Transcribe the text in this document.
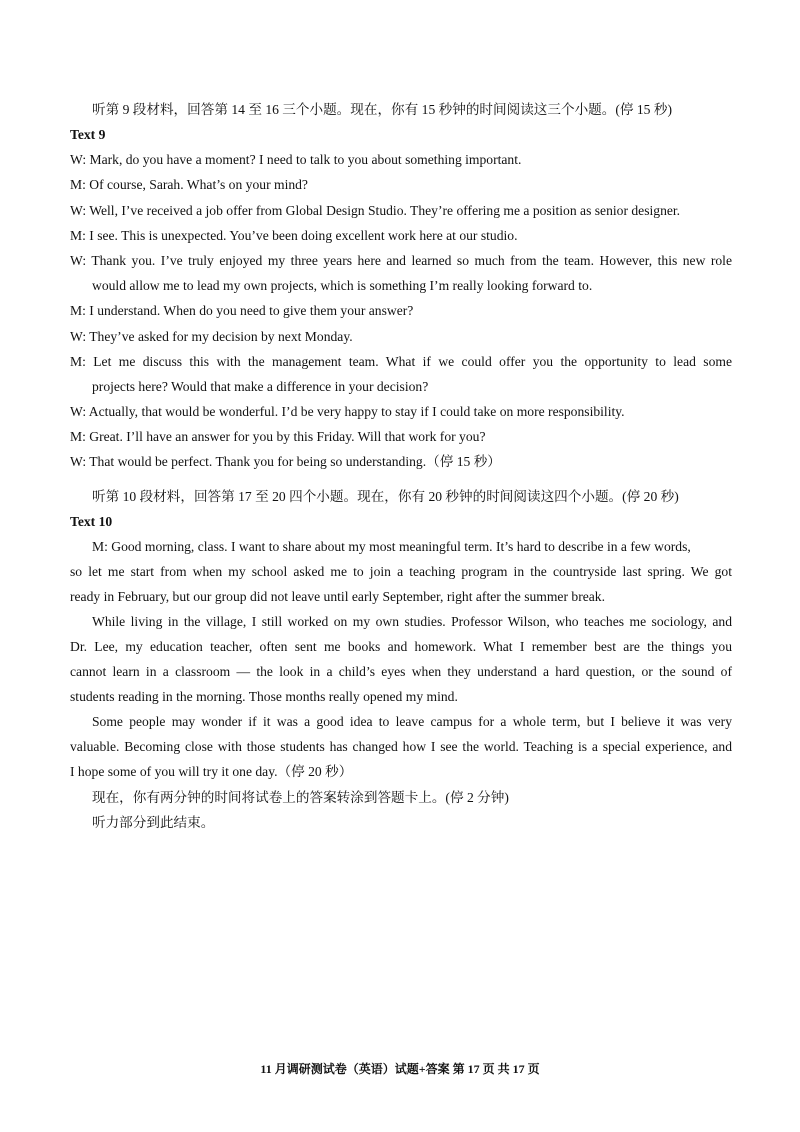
听第 9 段材料，回答第 14 至 16 三个小题。现在，你有 15 秒钟的时间阅读这三个小题。(停 15 秒)
Text 9
W: Mark, do you have a moment? I need to talk to you about something important.
M: Of course, Sarah. What’s on your mind?
W: Well, I’ve received a job offer from Global Design Studio. They’re offering me a position as senior designer.
M: I see. This is unexpected. You’ve been doing excellent work here at our studio.
W: Thank you. I’ve truly enjoyed my three years here and learned so much from the team. However, this new role
would allow me to lead my own projects, which is something I’m really looking forward to.
M: I understand. When do you need to give them your answer?
W: They’ve asked for my decision by next Monday.
M: Let me discuss this with the management team. What if we could offer you the opportunity to lead some
projects here? Would that make a difference in your decision?
W: Actually, that would be wonderful. I’d be very happy to stay if I could take on more responsibility.
M: Great. I’ll have an answer for you by this Friday. Will that work for you?
W: That would be perfect. Thank you for being so understanding.（停 15 秒）
听第 10 段材料，回答第 17 至 20 四个小题。现在，你有 20 秒钟的时间阅读这四个小题。(停 20 秒)
Text 10
M: Good morning, class. I want to share about my most meaningful term. It’s hard to describe in a few words,
so let me start from when my school asked me to join a teaching program in the countryside last spring. We got
ready in February, but our group did not leave until early September, right after the summer break.
While living in the village, I still worked on my own studies. Professor Wilson, who teaches me sociology, and
Dr. Lee, my education teacher, often sent me books and homework. What I remember best are the things you
cannot learn in a classroom — the look in a child’s eyes when they understand a hard question, or the sound of
students reading in the morning. Those months really opened my mind.
Some people may wonder if it was a good idea to leave campus for a whole term, but I believe it was very
valuable. Becoming close with those students has changed how I see the world. Teaching is a special experience, and
I hope some of you will try it one day.（停 20 秒）
现在，你有两分钟的时间将试卷上的答案转涂到答题卡上。(停 2 分钟)
听力部分到此结束。
11 月调研测试卷（英语）试题+答案 第 17 页 共 17 页
